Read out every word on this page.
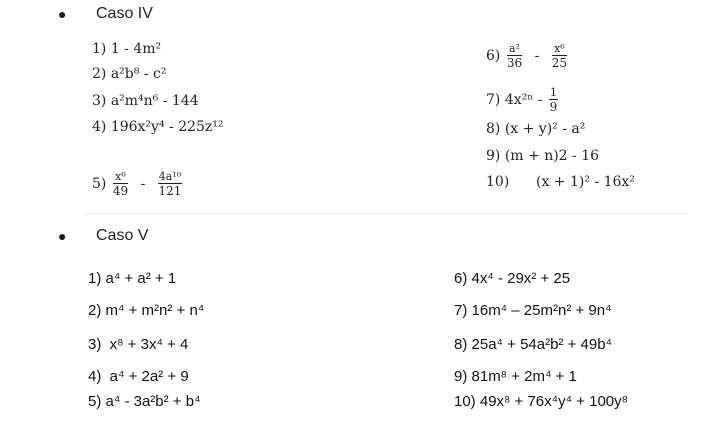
● Caso IV
1) 1 - 4m²
2) a²b⁸ - c²
3) a²m⁴n⁶ - 144
4) 196x²y⁴ - 225z¹²
$5) \frac{\text{x⁶}}{49} - \frac{\text{4a¹⁰}}{121}$
$6) \frac{\text{a²}}{36} - \frac{\text{x⁶}}{25}$
7) $4x^{2n} - \frac{1}{9}$
8) (x + y)² - a²
9) (m + n)2 - 16
10)      (x + 1)² - 16x²
● Caso V
1) a⁴ + a² + 1
2) m⁴ + m²n² + n⁴
3)  x⁸ + 3x⁴ + 4
4)  a⁴ + 2a² + 9
5) a⁴ - 3a²b² + b⁴
6) 4x⁴ - 29x² + 25
7) 16m⁴ – 25m²n² + 9n⁴
8) 25a⁴ + 54a²b² + 49b⁴
9) 81m⁸ + 2m⁴ + 1
10) 49x⁸ + 76x⁴y⁴ + 100y⁸
